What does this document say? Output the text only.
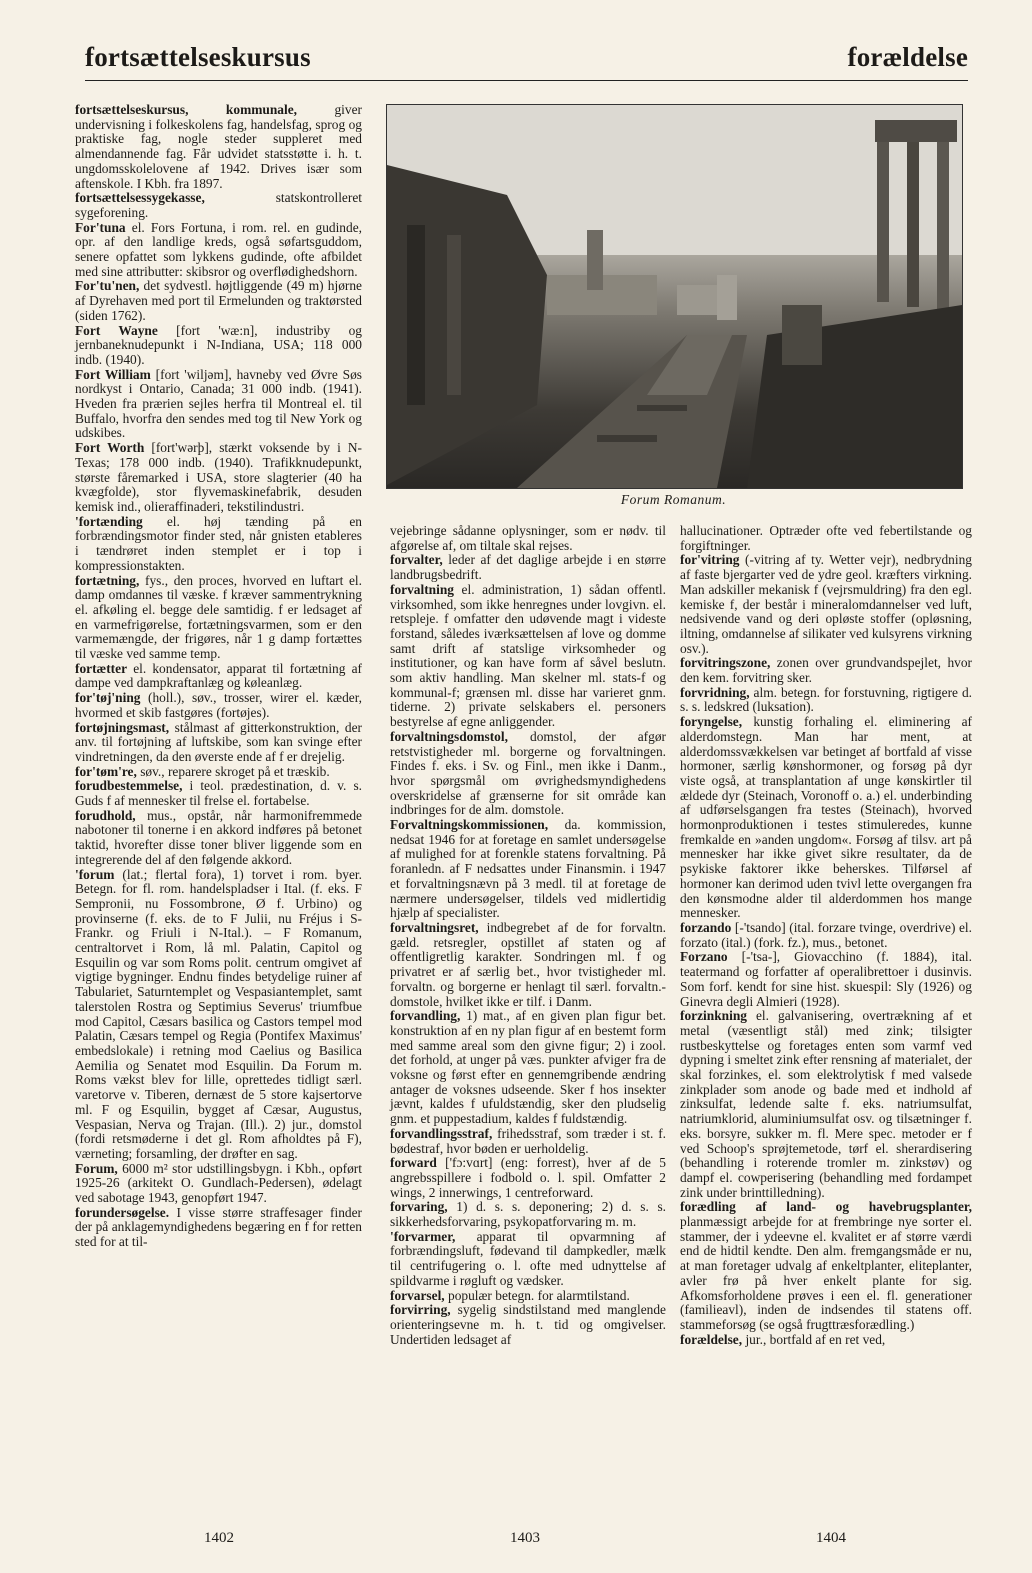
fortsættelseskursus	forældelse

fortsættelseskursus, kommunale, giver undervisning i folkeskolens fag, handelsfag, sprog og praktiske fag, nogle steder suppleret med almendannende fag. Får udvidet statsstøtte i. h. t. ungdomsskolelovene af 1942. Drives især som aftenskole. I Kbh. fra 1897.

fortsættelsessygekasse, statskontrolleret sygeforening.

For'tuna el. Fors Fortuna, i rom. rel. en gudinde, opr. af den landlige kreds, også søfartsguddom, senere opfattet som lykkens gudinde, ofte afbildet med sine attributter: skibsror og overflødighedshorn.

For'tu'nen, det sydvestl. højtliggende (49 m) hjørne af Dyrehaven med port til Ermelunden og traktørsted (siden 1762).

Fort Wayne [fort 'wæ:n], industriby og jernbaneknudepunkt i N-Indiana, USA; 118 000 indb. (1940).

Fort William [fort 'wiljəm], havneby ved Øvre Søs nordkyst i Ontario, Canada; 31 000 indb. (1941). Hveden fra prærien sejles herfra til Montreal el. til Buffalo, hvorfra den sendes med tog til New York og udskibes.

Fort Worth [fort'wərþ], stærkt voksende by i N-Texas; 178 000 indb. (1940). Trafikknudepunkt, største fåremarked i USA, store slagterier (40 ha kvægfolde), stor flyvemaskinefabrik, desuden kemisk ind., olieraffinaderi, tekstilindustri.

'fortænding el. høj tænding på en forbrændingsmotor finder sted, når gnisten etableres i tændrøret inden stemplet er i top i kompressionstakten.

fortætning, fys., den proces, hvorved en luftart el. damp omdannes til væske. f kræver sammentrykning el. afkøling el. begge dele samtidig. f er ledsaget af en varmefrigørelse, fortætningsvarmen, som er den varmemængde, der frigøres, når 1 g damp fortættes til væske ved samme temp.

fortætter el. kondensator, apparat til fortætning af dampe ved dampkraftanlæg og køleanlæg.

for'tøj'ning (holl.), søv., trosser, wirer el. kæder, hvormed et skib fastgøres (fortøjes).

fortøjningsmast, stålmast af gitterkonstruktion, der anv. til fortøjning af luftskibe, som kan svinge efter vindretningen, da den øverste ende af f er drejelig.

for'tøm're, søv., reparere skroget på et træskib.

forudbestemmelse, i teol. prædestination, d. v. s. Guds f af mennesker til frelse el. fortabelse.

forudhold, mus., opstår, når harmonifremmede nabotoner til tonerne i en akkord indføres på betonet taktid, hvorefter disse toner bliver liggende som en integrerende del af den følgende akkord.

'forum (lat.; flertal fora), 1) torvet i rom. byer. Betegn. for fl. rom. handelspladser i Ital. (f. eks. F Sempronii, nu Fossombrone, Ø f. Urbino) og provinserne (f. eks. de to F Julii, nu Fréjus i S-Frankr. og Friuli i N-Ital.). – F Romanum, centraltorvet i Rom, lå ml. Palatin, Capitol og Esquilin og var som Roms polit. centrum omgivet af vigtige bygninger. Endnu findes betydelige ruiner af Tabulariet, Saturntemplet og Vespasiantemplet, samt talerstolen Rostra og Septimius Severus' triumfbue mod Capitol, Cæsars basilica og Castors tempel mod Palatin, Cæsars tempel og Regia (Pontifex Maximus' embedslokale) i retning mod Caelius og Basilica Aemilia og Senatet mod Esquilin. Da Forum m. Roms vækst blev for lille, oprettedes tidligt særl. varetorve v. Tiberen, dernæst de 5 store kajsertorve ml. F og Esquilin, bygget af Cæsar, Augustus, Vespasian, Nerva og Trajan. (Ill.). 2) jur., domstol (fordi retsmøderne i det gl. Rom afholdtes på F), værneting; forsamling, der drøfter en sag.

Forum, 6000 m² stor udstillingsbygn. i Kbh., opført 1925-26 (arkitekt O. Gundlach-Pedersen), ødelagt ved sabotage 1943, genopført 1947.

forundersøgelse. I visse større straffesager finder der på anklagemyndighedens begæring en f for retten sted for at til-

Forum Romanum.

vejebringe sådanne oplysninger, som er nødv. til afgørelse af, om tiltale skal rejses.

forvalter, leder af det daglige arbejde i en større landbrugsbedrift.

forvaltning el. administration, 1) sådan offentl. virksomhed, som ikke henregnes under lovgivn. el. retspleje. f omfatter den udøvende magt i videste forstand, således iværksættelsen af love og domme samt drift af statslige virksomheder og institutioner, og kan have form af såvel beslutn. som aktiv handling. Man skelner ml. stats-f og kommunal-f; grænsen ml. disse har varieret gnm. tiderne. 2) private selskabers el. personers bestyrelse af egne anliggender.

forvaltningsdomstol, domstol, der afgør retstvistigheder ml. borgerne og forvaltningen. Findes f. eks. i Sv. og Finl., men ikke i Danm., hvor spørgsmål om øvrighedsmyndighedens overskridelse af grænserne for sit område kan indbringes for de alm. domstole.

Forvaltningskommissionen, da. kommission, nedsat 1946 for at foretage en samlet undersøgelse af mulighed for at forenkle statens forvaltning. På foranledn. af F nedsattes under Finansmin. i 1947 et forvaltningsnævn på 3 medl. til at foretage de nærmere undersøgelser, tildels ved midlertidig hjælp af specialister.

forvaltningsret, indbegrebet af de for forvaltn. gæld. retsregler, opstillet af staten og af offentligretlig karakter. Sondringen ml. f og privatret er af særlig bet., hvor tvistigheder ml. forvaltn. og borgerne er henlagt til særl. forvaltn.-domstole, hvilket ikke er tilf. i Danm.

forvandling, 1) mat., af en given plan figur bet. konstruktion af en ny plan figur af en bestemt form med samme areal som den givne figur; 2) i zool. det forhold, at unger på væs. punkter afviger fra de voksne og først efter en gennemgribende ændring antager de voksnes udseende. Sker f hos insekter jævnt, kaldes f ufuldstændig, sker den pludselig gnm. et puppestadium, kaldes f fuldstændig.

forvandlingsstraf, frihedsstraf, som træder i st. f. bødestraf, hvor bøden er uerholdelig.

forward ['fɔ:vɑrt] (eng: forrest), hver af de 5 angrebsspillere i fodbold o. l. spil. Omfatter 2 wings, 2 innerwings, 1 centreforward.

forvaring, 1) d. s. s. deponering; 2) d. s. s. sikkerhedsforvaring, psykopatforvaring m. m.

'forvarmer, apparat til opvarmning af forbrændingsluft, fødevand til dampkedler, mælk til centrifugering o. l. ofte med udnyttelse af spildvarme i røgluft og vædsker.

forvarsel, populær betegn. for alarmtilstand.

forvirring, sygelig sindstilstand med manglende orienteringsevne m. h. t. tid og omgivelser. Undertiden ledsaget af

hallucinationer. Optræder ofte ved febertilstande og forgiftninger.

for'vitring (-vitring af ty. Wetter vejr), nedbrydning af faste bjergarter ved de ydre geol. kræfters virkning. Man adskiller mekanisk f (vejrsmuldring) fra den egl. kemiske f, der består i mineralomdannelser ved luft, nedsivende vand og deri opløste stoffer (opløsning, iltning, omdannelse af silikater ved kulsyrens virkning osv.).

forvitringszone, zonen over grundvandspejlet, hvor den kem. forvitring sker.

forvridning, alm. betegn. for forstuvning, rigtigere d. s. s. ledskred (luksation).

foryngelse, kunstig forhaling el. eliminering af alderdomstegn. Man har ment, at alderdomssvækkelsen var betinget af bortfald af visse hormoner, særlig kønshormoner, og forsøg på dyr viste også, at transplantation af unge kønskirtler til ældede dyr (Steinach, Voronoff o. a.) el. underbinding af udførselsgangen fra testes (Steinach), hvorved hormonproduktionen i testes stimuleredes, kunne fremkalde en »anden ungdom«. Forsøg af tilsv. art på mennesker har ikke givet sikre resultater, da de psykiske faktorer ikke beherskes. Tilførsel af hormoner kan derimod uden tvivl lette overgangen fra den kønsmodne alder til alderdommen hos mange mennesker.

forzando [-'tsando] (ital. forzare tvinge, overdrive) el. forzato (ital.) (fork. fz.), mus., betonet.

Forzano [-'tsa-], Giovacchino (f. 1884), ital. teatermand og forfatter af operalibrettoer i dusinvis. Som forf. kendt for sine hist. skuespil: Sly (1926) og Ginevra degli Almieri (1928).

forzinkning el. galvanisering, overtrækning af et metal (væsentligt stål) med zink; tilsigter rustbeskyttelse og foretages enten som varmf ved dypning i smeltet zink efter rensning af materialet, der skal forzinkes, el. som elektrolytisk f med valsede zinkplader som anode og bade med et indhold af zinksulfat, ledende salte f. eks. natriumsulfat, natriumklorid, aluminiumsulfat osv. og tilsætninger f. eks. borsyre, sukker m. fl. Mere spec. metoder er f ved Schoop's sprøjtemetode, tørf el. sherardisering (behandling i roterende tromler m. zinkstøv) og dampf el. cowperisering (behandling med fordampet zink under brinttilledning).

forædling af land- og havebrugsplanter, planmæssigt arbejde for at frembringe nye sorter el. stammer, der i ydeevne el. kvalitet er af større værdi end de hidtil kendte. Den alm. fremgangsmåde er nu, at man foretager udvalg af enkeltplanter, eliteplanter, avler frø på hver enkelt plante for sig. Afkomsforholdene prøves i een el. fl. generationer (familieavl), inden de indsendes til statens off. stammeforsøg (se også frugttræsforædling.)

forældelse, jur., bortfald af en ret ved,

1402	1403	1404
